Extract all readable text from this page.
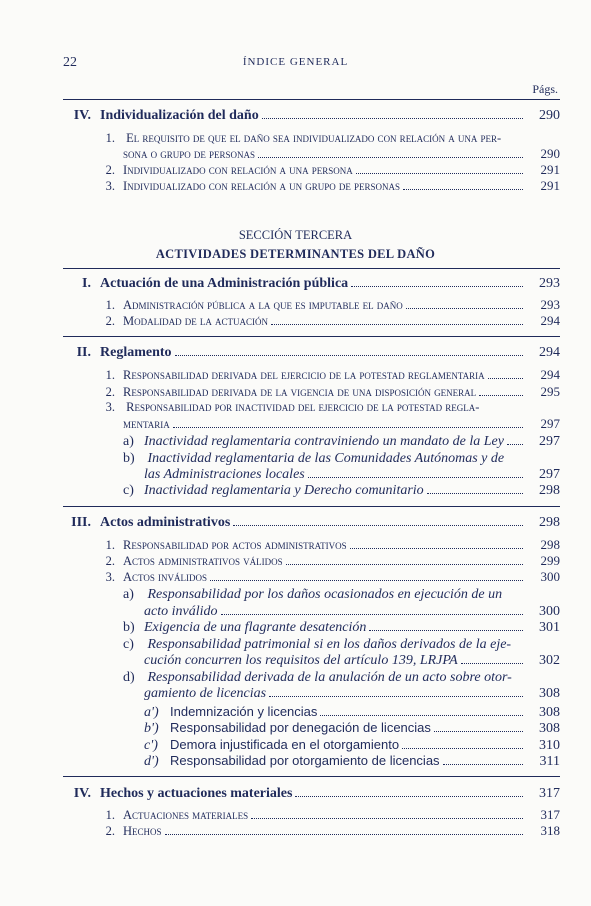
22	ÍNDICE GENERAL
Págs.
IV. Individualización del daño	290
1. El requisito de que el daño sea individualizado con relación a una per-
sona o grupo de personas	290
2. Individualizado con relación a una persona	291
3. Individualizado con relación a un grupo de personas	291
SECCIÓN TERCERA
ACTIVIDADES DETERMINANTES DEL DAÑO
I. Actuación de una Administración pública	293
1. Administración pública a la que es imputable el daño	293
2. Modalidad de la actuación	294
II. Reglamento	294
1. Responsabilidad derivada del ejercicio de la potestad reglamentaria	294
2. Responsabilidad derivada de la vigencia de una disposición general	295
3. Responsabilidad por inactividad del ejercicio de la potestad regla-
mentaria	297
a) Inactividad reglamentaria contraviniendo un mandato de la Ley	297
b) Inactividad reglamentaria de las Comunidades Autónomas y de
las Administraciones locales	297
c) Inactividad reglamentaria y Derecho comunitario	298
III. Actos administrativos	298
1. Responsabilidad por actos administrativos	298
2. Actos administrativos válidos	299
3. Actos inválidos	300
a) Responsabilidad por los daños ocasionados en ejecución de un
acto inválido	300
b) Exigencia de una flagrante desatención	301
c) Responsabilidad patrimonial si en los daños derivados de la eje-
cución concurren los requisitos del artículo 139, LRJPA	302
d) Responsabilidad derivada de la anulación de un acto sobre otor-
gamiento de licencias	308
a') Indemnización y licencias	308
b') Responsabilidad por denegación de licencias	308
c') Demora injustificada en el otorgamiento	310
d') Responsabilidad por otorgamiento de licencias	311
IV. Hechos y actuaciones materiales	317
1. Actuaciones materiales	317
2. Hechos	318
